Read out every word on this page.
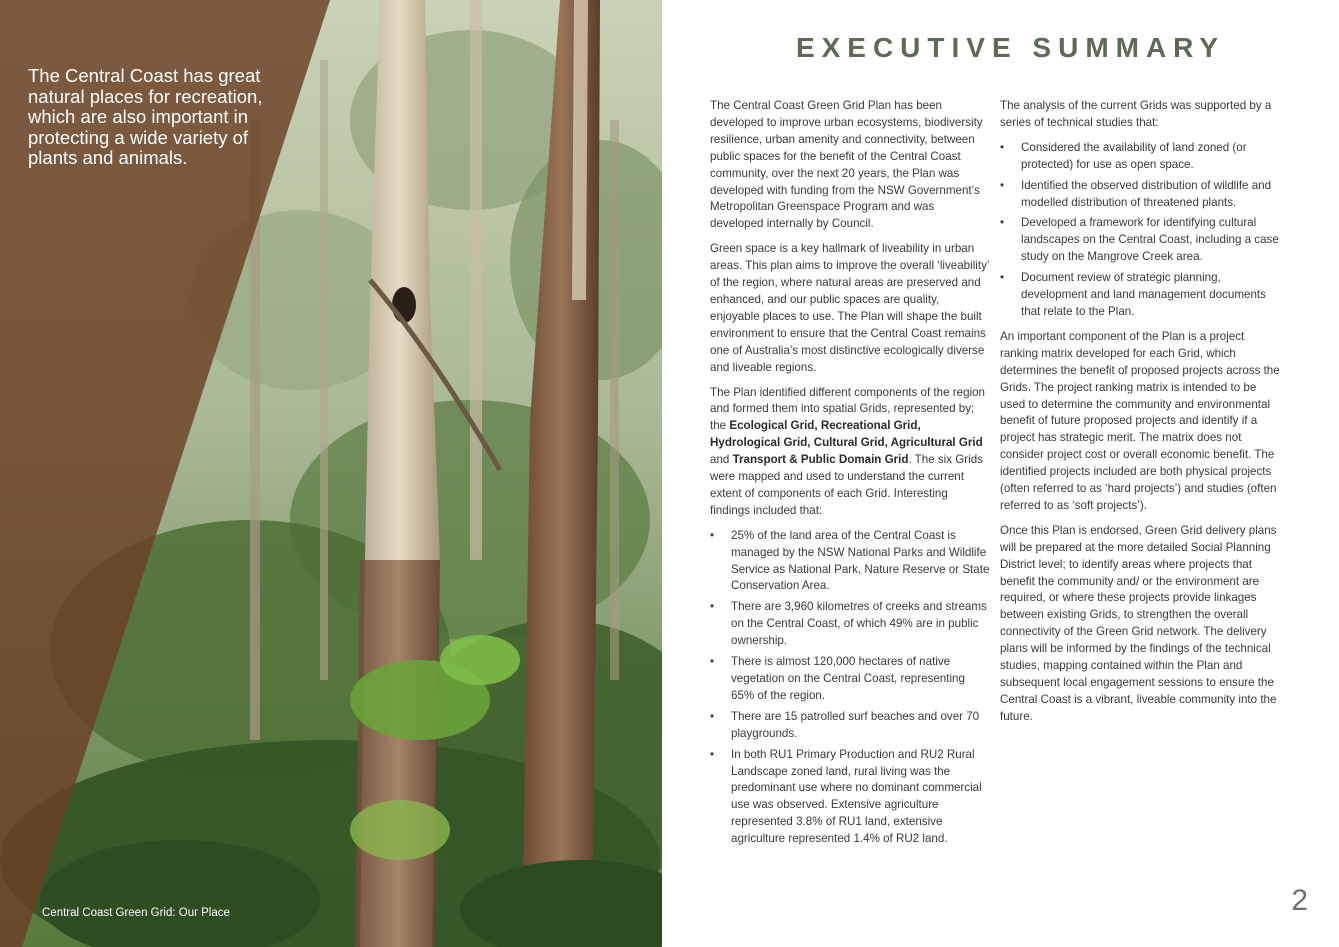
The Central Coast has great natural places for recreation, which are also important in protecting a wide variety of plants and animals.

Central Coast Green Grid: Our Place

EXECUTIVE SUMMARY

The Central Coast Green Grid Plan has been developed to improve urban ecosystems, biodiversity resilience, urban amenity and connectivity, between public spaces for the benefit of the Central Coast community, over the next 20 years, the Plan was developed with funding from the NSW Government’s Metropolitan Greenspace Program and was developed internally by Council.

Green space is a key hallmark of liveability in urban areas. This plan aims to improve the overall ‘liveability’ of the region, where natural areas are preserved and enhanced, and our public spaces are quality, enjoyable places to use. The Plan will shape the built environment to ensure that the Central Coast remains one of Australia’s most distinctive ecologically diverse and liveable regions.

The Plan identified different components of the region and formed them into spatial Grids, represented by; the Ecological Grid, Recreational Grid, Hydrological Grid, Cultural Grid, Agricultural Grid and Transport & Public Domain Grid. The six Grids were mapped and used to understand the current extent of components of each Grid. Interesting findings included that:

• 25% of the land area of the Central Coast is managed by the NSW National Parks and Wildlife Service as National Park, Nature Reserve or State Conservation Area.
• There are 3,960 kilometres of creeks and streams on the Central Coast, of which 49% are in public ownership.
• There is almost 120,000 hectares of native vegetation on the Central Coast, representing 65% of the region.
• There are 15 patrolled surf beaches and over 70 playgrounds.
• In both RU1 Primary Production and RU2 Rural Landscape zoned land, rural living was the predominant use where no dominant commercial use was observed. Extensive agriculture represented 3.8% of RU1 land, extensive agriculture represented 1.4% of RU2 land.

The analysis of the current Grids was supported by a series of technical studies that:

• Considered the availability of land zoned (or protected) for use as open space.
• Identified the observed distribution of wildlife and modelled distribution of threatened plants.
• Developed a framework for identifying cultural landscapes on the Central Coast, including a case study on the Mangrove Creek area.
• Document review of strategic planning, development and land management documents that relate to the Plan.

An important component of the Plan is a project ranking matrix developed for each Grid, which determines the benefit of proposed projects across the Grids. The project ranking matrix is intended to be used to determine the community and environmental benefit of future proposed projects and identify if a project has strategic merit. The matrix does not consider project cost or overall economic benefit. The identified projects included are both physical projects (often referred to as ‘hard projects’) and studies (often referred to as ‘soft projects’).

Once this Plan is endorsed, Green Grid delivery plans will be prepared at the more detailed Social Planning District level; to identify areas where projects that benefit the community and/ or the environment are required, or where these projects provide linkages between existing Grids, to strengthen the overall connectivity of the Green Grid network. The delivery plans will be informed by the findings of the technical studies, mapping contained within the Plan and subsequent local engagement sessions to ensure the Central Coast is a vibrant, liveable community into the future.

2
